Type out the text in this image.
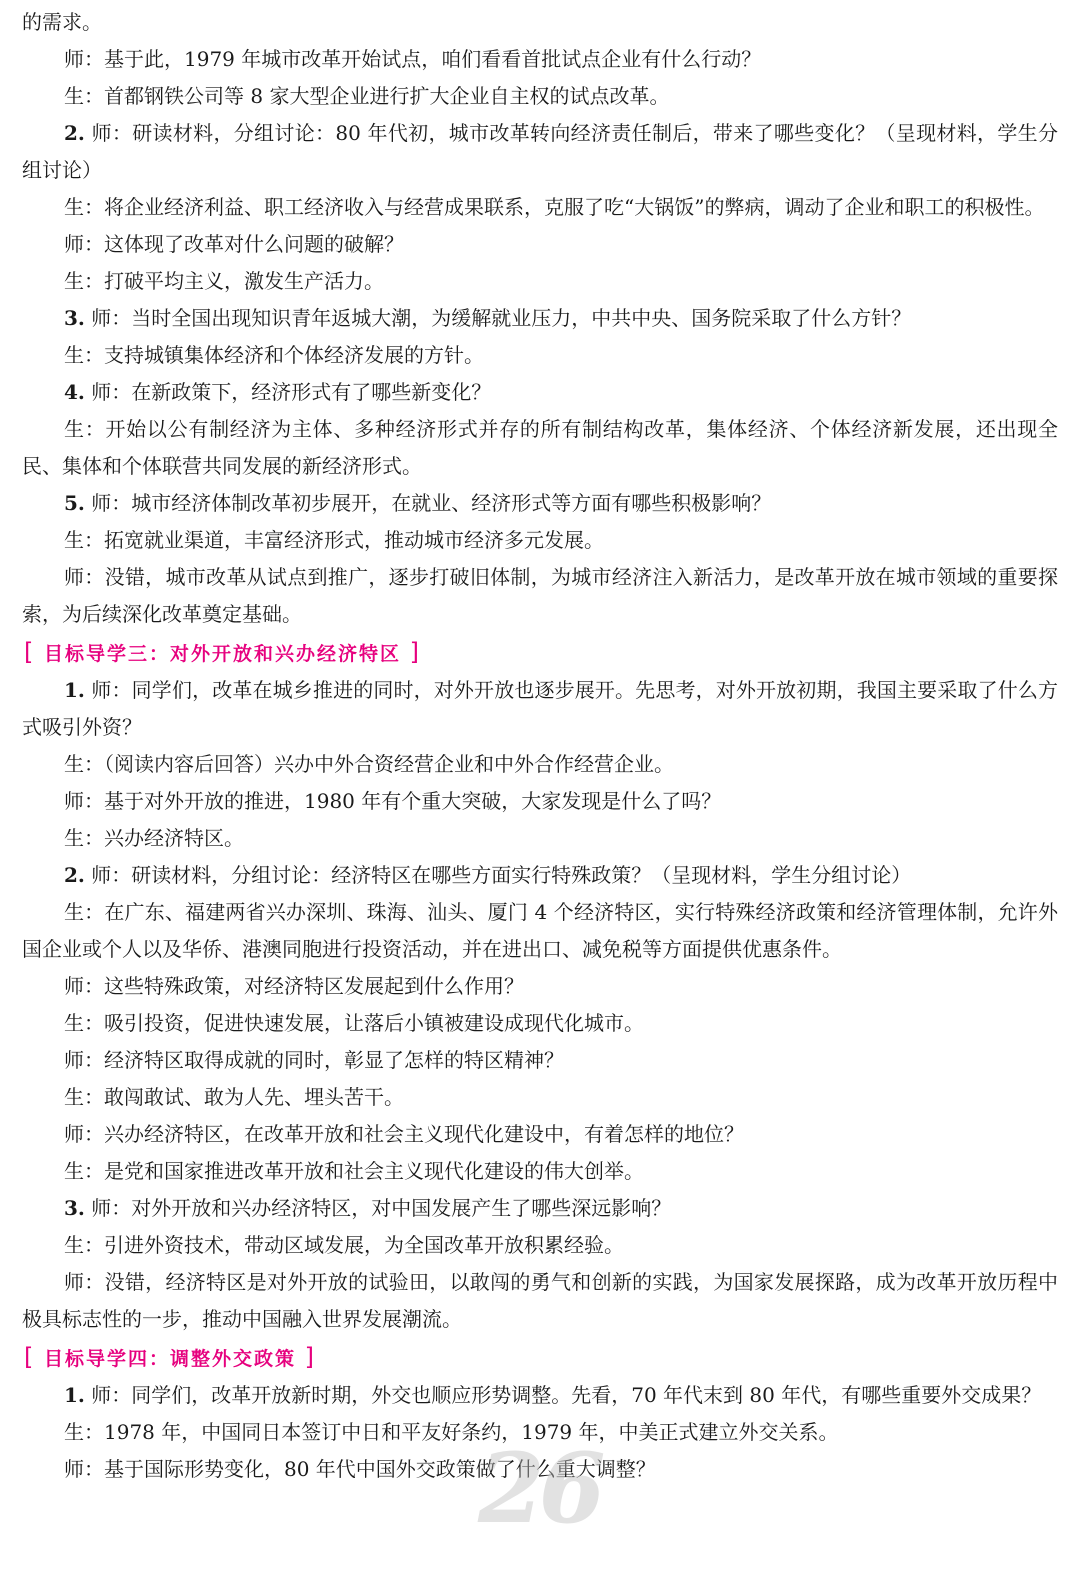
的需求。

师：基于此，1979 年城市改革开始试点，咱们看看首批试点企业有什么行动？

生：首都钢铁公司等 8 家大型企业进行扩大企业自主权的试点改革。

2. 师：研读材料，分组讨论：80 年代初，城市改革转向经济责任制后，带来了哪些变化？（呈现材料，学生分组讨论）

生：将企业经济利益、职工经济收入与经营成果联系，克服了吃“大锅饭”的弊病，调动了企业和职工的积极性。

师：这体现了改革对什么问题的破解？

生：打破平均主义，激发生产活力。

3. 师：当时全国出现知识青年返城大潮，为缓解就业压力，中共中央、国务院采取了什么方针？

生：支持城镇集体经济和个体经济发展的方针。

4. 师：在新政策下，经济形式有了哪些新变化？

生：开始以公有制经济为主体、多种经济形式并存的所有制结构改革，集体经济、个体经济新发展，还出现全民、集体和个体联营共同发展的新经济形式。

5. 师：城市经济体制改革初步展开，在就业、经济形式等方面有哪些积极影响？

生：拓宽就业渠道，丰富经济形式，推动城市经济多元发展。

师：没错，城市改革从试点到推广，逐步打破旧体制，为城市经济注入新活力，是改革开放在城市领域的重要探索，为后续深化改革奠定基础。

[ 目标导学三：对外开放和兴办经济特区 ]

1. 师：同学们，改革在城乡推进的同时，对外开放也逐步展开。先思考，对外开放初期，我国主要采取了什么方式吸引外资？

生：（阅读内容后回答）兴办中外合资经营企业和中外合作经营企业。

师：基于对外开放的推进，1980 年有个重大突破，大家发现是什么了吗？

生：兴办经济特区。

2. 师：研读材料，分组讨论：经济特区在哪些方面实行特殊政策？（呈现材料，学生分组讨论）

生：在广东、福建两省兴办深圳、珠海、汕头、厦门 4 个经济特区，实行特殊经济政策和经济管理体制，允许外国企业或个人以及华侨、港澳同胞进行投资活动，并在进出口、减免税等方面提供优惠条件。

师：这些特殊政策，对经济特区发展起到什么作用？

生：吸引投资，促进快速发展，让落后小镇被建设成现代化城市。

师：经济特区取得成就的同时，彰显了怎样的特区精神？

生：敢闯敢试、敢为人先、埋头苦干。

师：兴办经济特区，在改革开放和社会主义现代化建设中，有着怎样的地位？

生：是党和国家推进改革开放和社会主义现代化建设的伟大创举。

3. 师：对外开放和兴办经济特区，对中国发展产生了哪些深远影响？

生：引进外资技术，带动区域发展，为全国改革开放积累经验。

师：没错，经济特区是对外开放的试验田，以敢闯的勇气和创新的实践，为国家发展探路，成为改革开放历程中极具标志性的一步，推动中国融入世界发展潮流。

[ 目标导学四：调整外交政策 ]

1. 师：同学们，改革开放新时期，外交也顺应形势调整。先看，70 年代末到 80 年代，有哪些重要外交成果？

生：1978 年，中国同日本签订中日和平友好条约，1979 年，中美正式建立外交关系。

师：基于国际形势变化，80 年代中国外交政策做了什么重大调整？

26
